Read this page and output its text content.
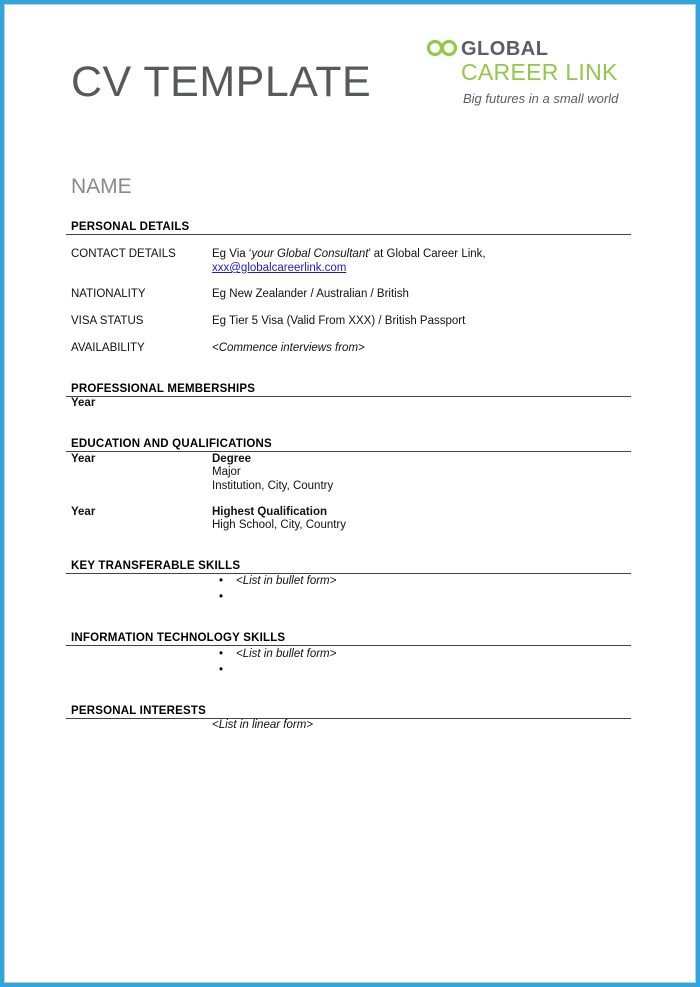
CV TEMPLATE
GLOBAL
CAREER LINK
Big futures in a small world
NAME
PERSONAL DETAILS
CONTACT DETAILS	Eg Via ‘your Global Consultant’ at Global Career Link,
xxx@globalcareerlink.com
NATIONALITY	Eg New Zealander / Australian / British
VISA STATUS	Eg Tier 5 Visa (Valid From XXX) / British Passport
AVAILABILITY	<Commence interviews from>
PROFESSIONAL MEMBERSHIPS
Year
EDUCATION AND QUALIFICATIONS
Year	Degree
Major
Institution, City, Country
Year	Highest Qualification
High School, City, Country
KEY TRANSFERABLE SKILLS
• <List in bullet form>
•
INFORMATION TECHNOLOGY SKILLS
• <List in bullet form>
•
PERSONAL INTERESTS
<List in linear form>
